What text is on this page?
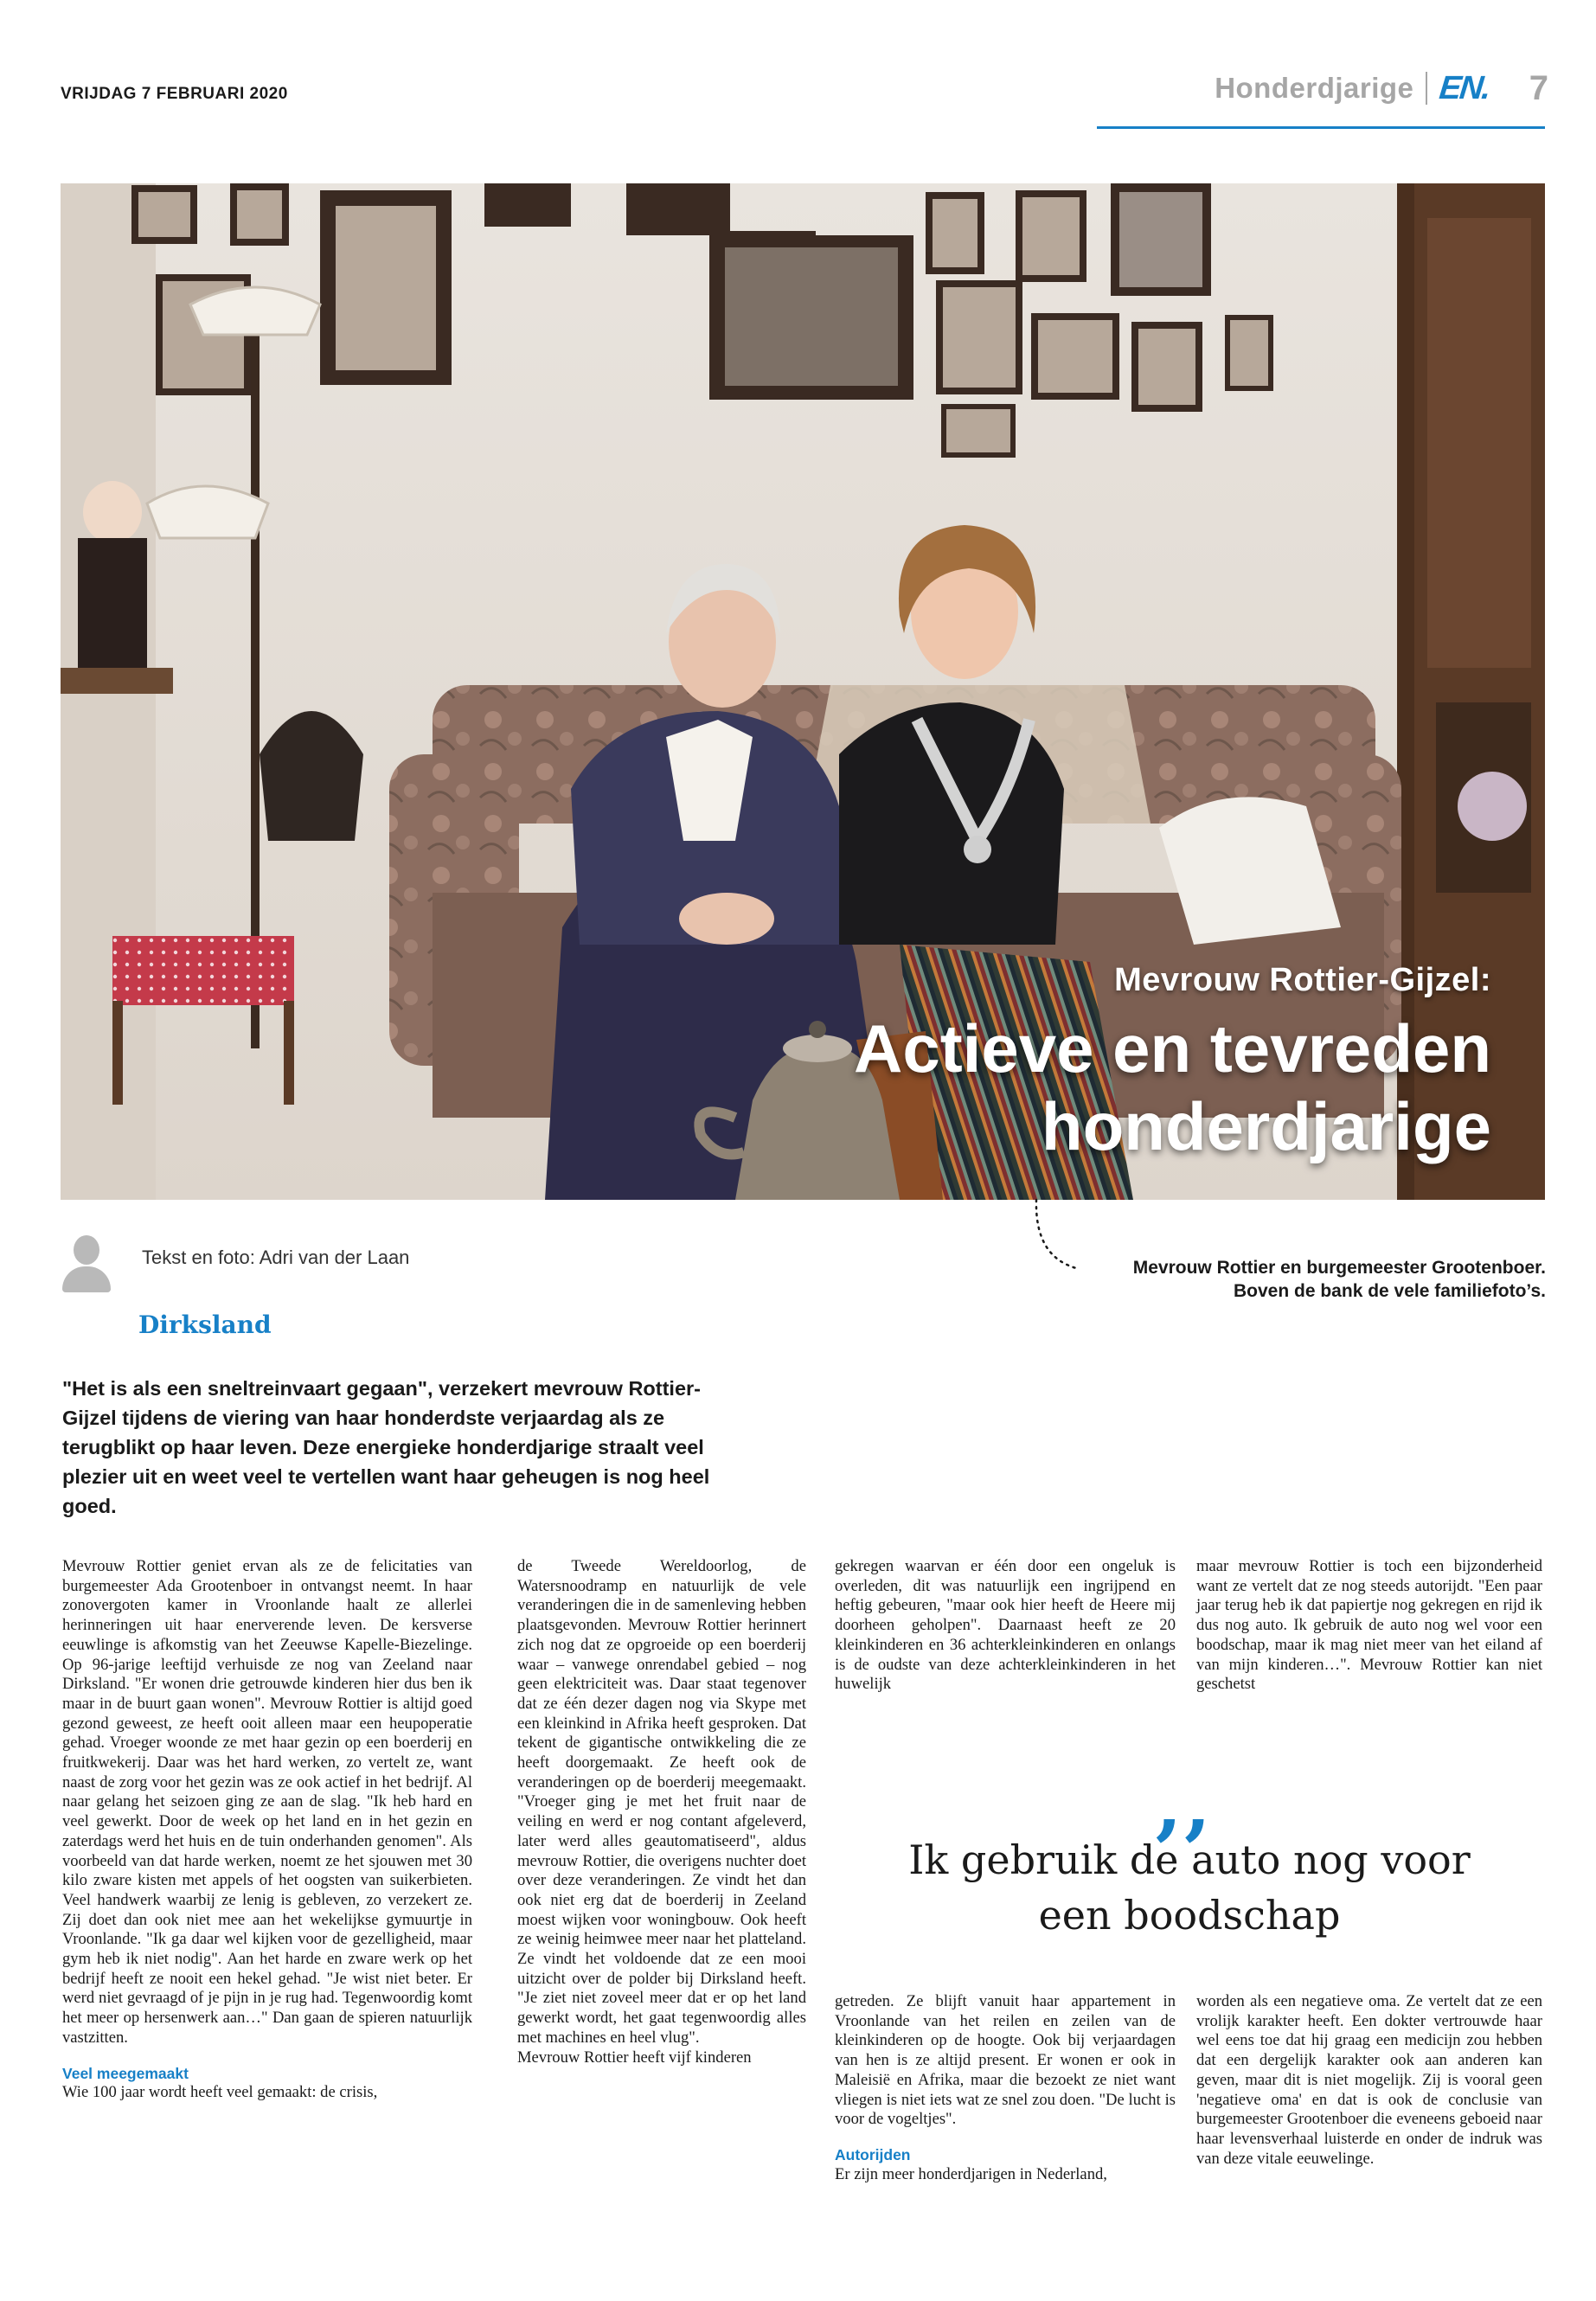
VRIJDAG 7 FEBRUARI 2020	Honderdjarige EN. 7
Mevrouw Rottier-Gijzel:
Actieve en tevreden honderdjarige
Tekst en foto: Adri van der Laan
Dirksland
Mevrouw Rottier en burgemeester Grootenboer.
Boven de bank de vele familiefoto’s.
"Het is als een sneltreinvaart gegaan", verzekert mevrouw Rottier-Gijzel tijdens de viering van haar honderdste verjaardag als ze terugblikt op haar leven. Deze energieke honderdjarige straalt veel plezier uit en weet veel te vertellen want haar geheugen is nog heel goed.

Mevrouw Rottier geniet ervan als ze de felicitaties van burgemeester Ada Grootenboer in ontvangst neemt. In haar zonovergoten kamer in Vroonlande haalt ze allerlei herinneringen uit haar enerverende leven. De kersverse eeuwlinge is afkomstig van het Zeeuwse Kapelle-Biezelinge. Op 96-jarige leeftijd verhuisde ze nog van Zeeland naar Dirksland. "Er wonen drie getrouwde kinderen hier dus ben ik maar in de buurt gaan wonen". Mevrouw Rottier is altijd goed gezond geweest, ze heeft ooit alleen maar een heupoperatie gehad. Vroeger woonde ze met haar gezin op een boerderij en fruitkwekerij. Daar was het hard werken, zo vertelt ze, want naast de zorg voor het gezin was ze ook actief in het bedrijf. Al naar gelang het seizoen ging ze aan de slag. "Ik heb hard en veel gewerkt. Door de week op het land en in het gezin en zaterdags werd het huis en de tuin onderhanden genomen". Als voorbeeld van dat harde werken, noemt ze het sjouwen met 30 kilo zware kisten met appels of het oogsten van suikerbieten. Veel handwerk waarbij ze lenig is gebleven, zo verzekert ze. Zij doet dan ook niet mee aan het wekelijkse gymuurtje in Vroonlande. "Ik ga daar wel kijken voor de gezelligheid, maar gym heb ik niet nodig". Aan het harde en zware werk op het bedrijf heeft ze nooit een hekel gehad. "Je wist niet beter. Er werd niet gevraagd of je pijn in je rug had. Tegenwoordig komt het meer op hersenwerk aan…" Dan gaan de spieren natuurlijk vastzitten.

Veel meegemaakt

Wie 100 jaar wordt heeft veel gemaakt: de crisis,

de Tweede Wereldoorlog, de Watersnoodramp en natuurlijk de vele veranderingen die in de samenleving hebben plaatsgevonden. Mevrouw Rottier herinnert zich nog dat ze opgroeide op een boerderij waar – vanwege onrendabel gebied – nog geen elektriciteit was. Daar staat tegenover dat ze één dezer dagen nog via Skype met een kleinkind in Afrika heeft gesproken. Dat tekent de gigantische ontwikkeling die ze heeft doorgemaakt. Ze heeft ook de veranderingen op de boerderij meegemaakt. "Vroeger ging je met het fruit naar de veiling en werd er nog contant afgeleverd, later werd alles geautomatiseerd", aldus mevrouw Rottier, die overigens nuchter doet over deze veranderingen. Ze vindt het dan ook niet erg dat de boerderij in Zeeland moest wijken voor woningbouw. Ook heeft ze weinig heimwee meer naar het platteland. Ze vindt het voldoende dat ze een mooi uitzicht over de polder bij Dirksland heeft. "Je ziet niet zoveel meer dat er op het land gewerkt wordt, het gaat tegenwoordig alles met machines en heel vlug".

Mevrouw Rottier heeft vijf kinderen

gekregen waarvan er één door een ongeluk is overleden, dit was natuurlijk een ingrijpend en heftig gebeuren, "maar ook hier heeft de Heere mij doorheen geholpen". Daarnaast heeft ze 20 kleinkinderen en 36 achterkleinkinderen en onlangs is de oudste van deze achterkleinkinderen in het huwelijk

maar mevrouw Rottier is toch een bijzonderheid want ze vertelt dat ze nog steeds autorijdt. "Een paar jaar terug heb ik dat papiertje nog gekregen en rijd ik dus nog auto. Ik gebruik de auto nog wel voor een boodschap, maar ik mag niet meer van het eiland af van mijn kinderen…". Mevrouw Rottier kan niet geschetst

‚‚
Ik gebruik de auto nog voor een boodschap

getreden. Ze blijft vanuit haar appartement in Vroonlande van het reilen en zeilen van de kleinkinderen op de hoogte. Ook bij verjaardagen van hen is ze altijd present. Er wonen er ook in Maleisië en Afrika, maar die bezoekt ze niet want vliegen is niet iets wat ze snel zou doen. "De lucht is voor de vogeltjes".

Autorijden

Er zijn meer honderdjarigen in Nederland,

worden als een negatieve oma. Ze vertelt dat ze een vrolijk karakter heeft. Een dokter vertrouwde haar wel eens toe dat hij graag een medicijn zou hebben dat een dergelijk karakter ook aan anderen kan geven, maar dit is niet mogelijk. Zij is vooral geen 'negatieve oma' en dat is ook de conclusie van burgemeester Grootenboer die eveneens geboeid naar haar levensverhaal luisterde en onder de indruk was van deze vitale eeuwelinge.
